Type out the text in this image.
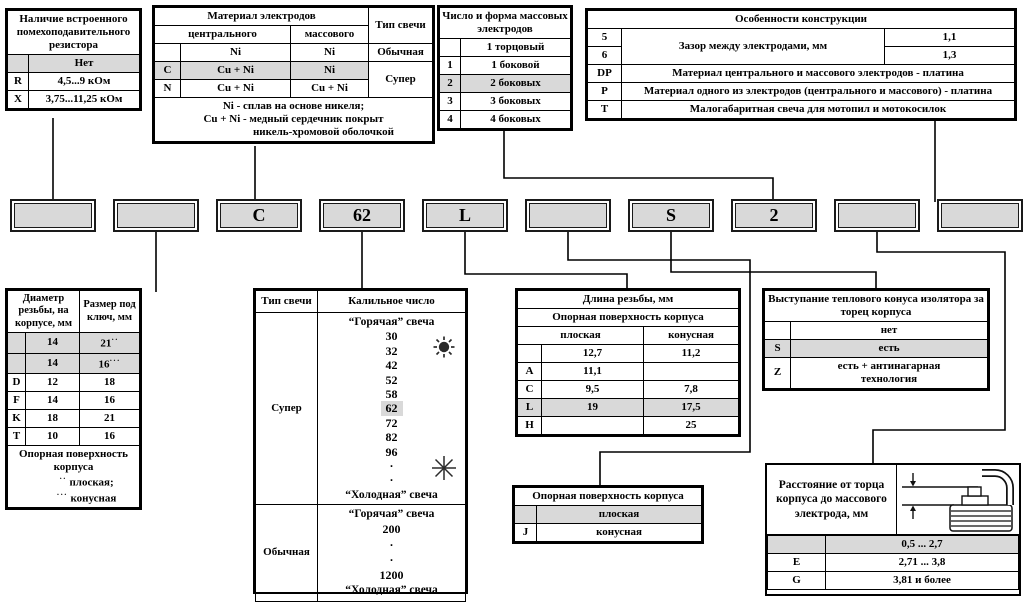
Наличие встроенного помехоподавительного резистора	
	Нет
R	4,5...9 кОм
X	3,75...11,25 кОм
Материал электродов			Тип свечи
центрального		массового	
	Ni	Ni	Обычная
C	Cu + Ni	Ni	Супер
N	Cu + Ni	Cu + Ni	

Ni - сплав на основе никеля;
Cu + Ni - медный сердечник покрыт
никель-хромовой оболочкой			
Число и форма массовых электродов	
	1 торцовый
1	1 боковой
2	2 боковых
3	3 боковых
4	4 боковых
Особенности конструкции		
5	Зазор между электродами, мм	1,1
6		1,3
DP	Материал центрального и массового электродов - платина	
P	Материал одного из электродов (центрального и массового) - платина	
T	Малогабаритная свеча для мотопил и мотокосилок	
C	62	L	S	2
Диаметр резьбы, на корпусе, мм		Размер под ключ, мм
	14	21··
	14	16···
D	12	18
F	14	16
K	18	21
T	10	16

Опорная поверхность корпуса
·· плоская;
··· конусная		
Тип свечи	Калильное число
Супер	
“Горячая” свеча
30
32
42
52
58
62
72
82
96
·
·
“Холодная” свеча

Обычная	
“Горячая” свеча
200
·
·
1200
“Холодная” свеча
Длина резьбы, мм		
Опорная поверхность корпуса		
плоская		конусная
	12,7	11,2
A	11,1	
C	9,5	7,8
L	19	17,5
H		25
Опорная поверхность корпуса	
	плоская
J	конусная
Выступание теплового конуса изолятора за торец корпуса	
	нет
S	есть
Z	есть + антинагарная технология
Расстояние от торца корпуса до массового электрода, мм
	0,5 ... 2,7
E	2,71 ... 3,8
G	3,81 и более
